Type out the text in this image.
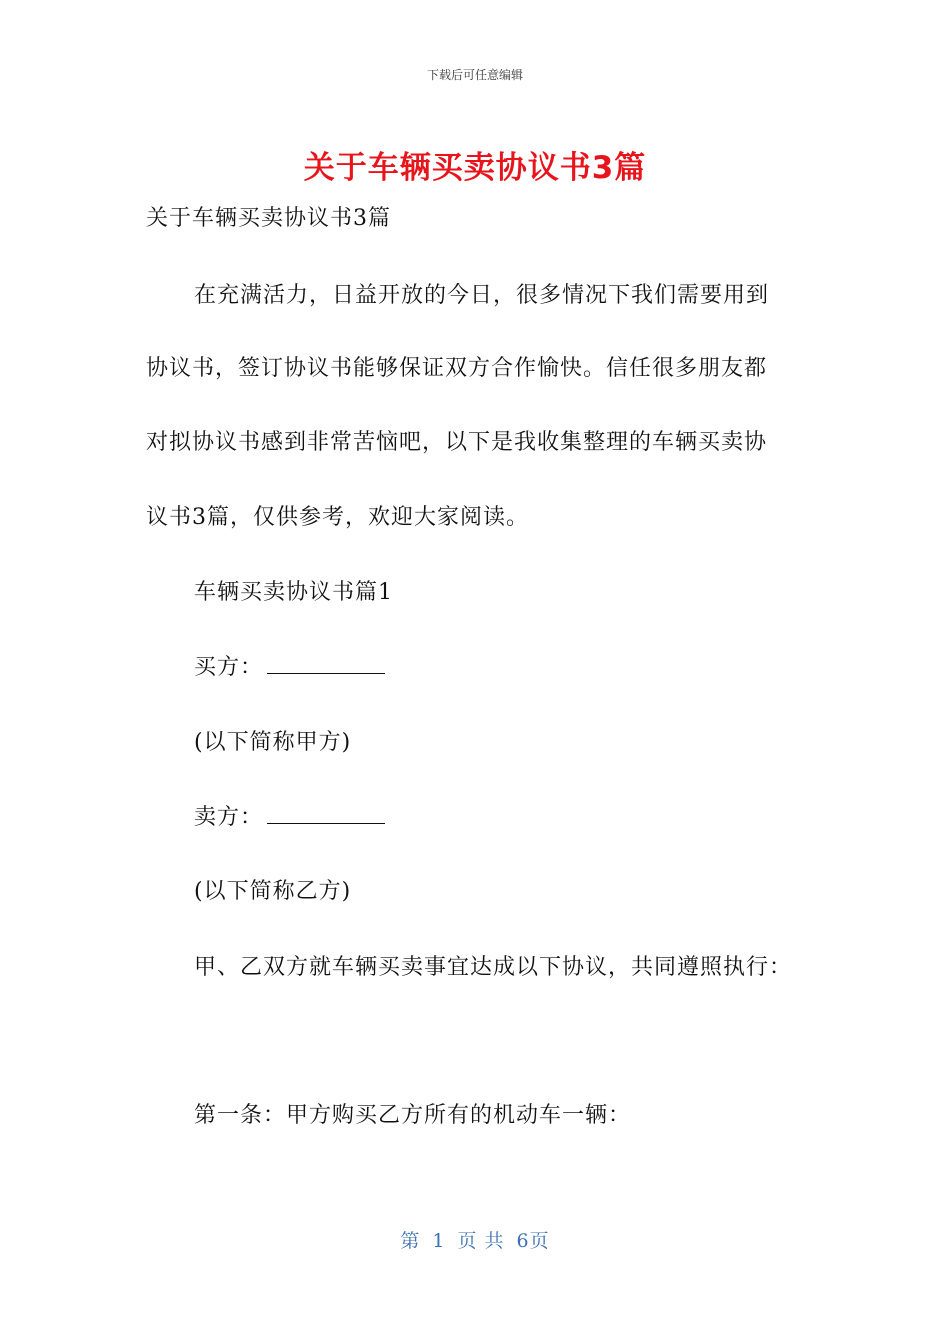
下载后可任意编辑
关于车辆买卖协议书3篇
关于车辆买卖协议书3篇
在充满活力，日益开放的今日，很多情况下我们需要用到
协议书，签订协议书能够保证双方合作愉快。信任很多朋友都
对拟协议书感到非常苦恼吧，以下是我收集整理的车辆买卖协
议书3篇，仅供参考，欢迎大家阅读。
车辆买卖协议书篇1
买方：
(以下简称甲方)
卖方：
(以下简称乙方)
甲、乙双方就车辆买卖事宜达成以下协议，共同遵照执行：
第一条：甲方购买乙方所有的机动车一辆：
第 1 页 共 6页
